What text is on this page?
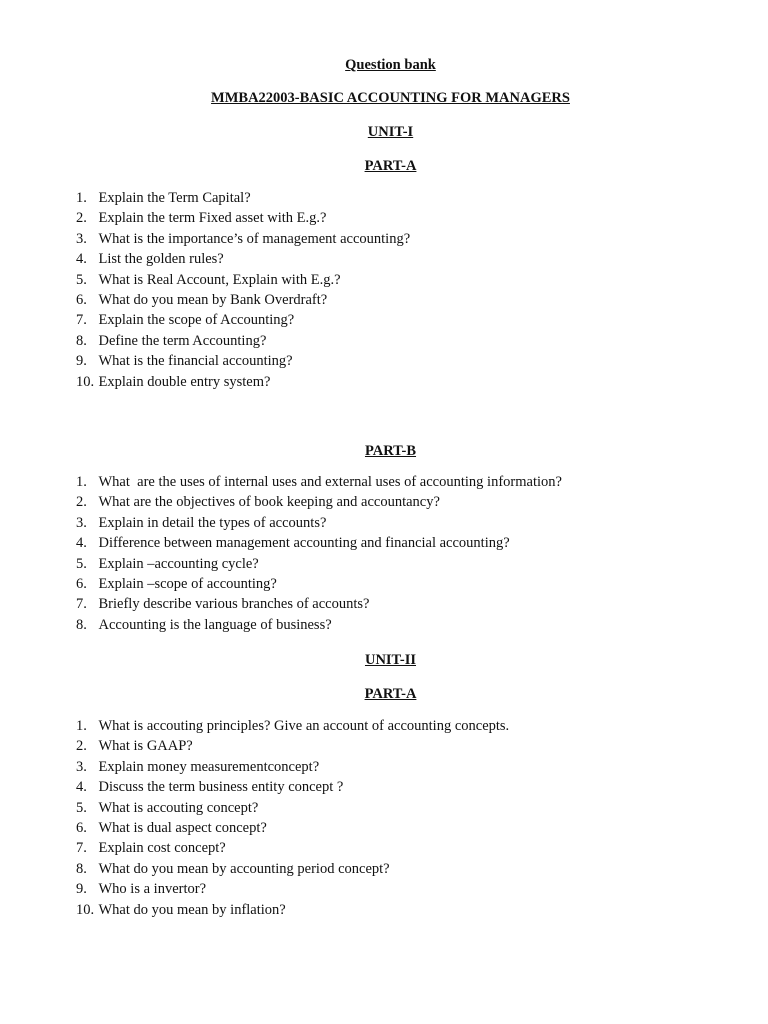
Question bank
MMBA22003-BASIC ACCOUNTING FOR MANAGERS
UNIT-I
PART-A
1. Explain the Term Capital?
2. Explain the term Fixed asset with E.g.?
3. What is the importance’s of management accounting?
4. List the golden rules?
5. What is Real Account, Explain with E.g.?
6. What do you mean by Bank Overdraft?
7. Explain the scope of Accounting?
8. Define the term Accounting?
9. What is the financial accounting?
10. Explain double entry system?
PART-B
1. What  are the uses of internal uses and external uses of accounting information?
2. What are the objectives of book keeping and accountancy?
3. Explain in detail the types of accounts?
4. Difference between management accounting and financial accounting?
5. Explain –accounting cycle?
6. Explain –scope of accounting?
7. Briefly describe various branches of accounts?
8. Accounting is the language of business?
UNIT-II
PART-A
1. What is accouting principles? Give an account of accounting concepts.
2. What is GAAP?
3. Explain money measurementconcept?
4. Discuss the term business entity concept ?
5. What is accouting concept?
6. What is dual aspect concept?
7. Explain cost concept?
8. What do you mean by accounting period concept?
9. Who is a invertor?
10. What do you mean by inflation?
